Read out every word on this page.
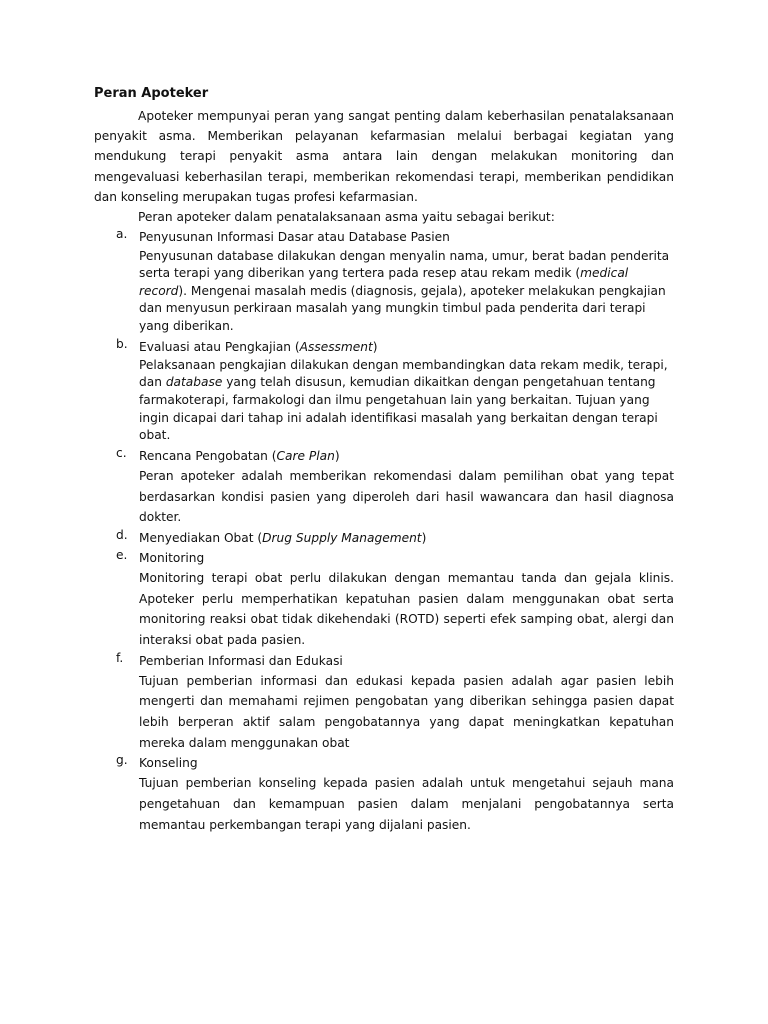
Peran Apoteker

Apoteker mempunyai peran yang sangat penting dalam keberhasilan penatalaksanaan penyakit asma. Memberikan pelayanan kefarmasian melalui berbagai kegiatan yang mendukung terapi penyakit asma antara lain dengan melakukan monitoring dan mengevaluasi keberhasilan terapi, memberikan rekomendasi terapi, memberikan pendidikan dan konseling merupakan tugas profesi kefarmasian.

Peran apoteker dalam penatalaksanaan asma yaitu sebagai berikut:

a. Penyusunan Informasi Dasar atau Database Pasien

Penyusunan database dilakukan dengan menyalin nama, umur, berat badan penderita serta terapi yang diberikan yang tertera pada resep atau rekam medik (medical record). Mengenai masalah medis (diagnosis, gejala), apoteker melakukan pengkajian dan menyusun perkiraan masalah yang mungkin timbul pada penderita dari terapi yang diberikan.

b. Evaluasi atau Pengkajian (Assessment)

Pelaksanaan pengkajian dilakukan dengan membandingkan data rekam medik, terapi, dan database yang telah disusun, kemudian dikaitkan dengan pengetahuan tentang farmakoterapi, farmakologi dan ilmu pengetahuan lain yang berkaitan. Tujuan yang ingin dicapai dari tahap ini adalah identifikasi masalah yang berkaitan dengan terapi obat.

c. Rencana Pengobatan (Care Plan)

Peran apoteker adalah memberikan rekomendasi dalam pemilihan obat yang tepat berdasarkan kondisi pasien yang diperoleh dari hasil wawancara dan hasil diagnosa dokter.

d. Menyediakan Obat (Drug Supply Management)

e. Monitoring

Monitoring terapi obat perlu dilakukan dengan memantau tanda dan gejala klinis. Apoteker perlu memperhatikan kepatuhan pasien dalam menggunakan obat serta monitoring reaksi obat tidak dikehendaki (ROTD) seperti efek samping obat, alergi dan interaksi obat pada pasien.

f. Pemberian Informasi dan Edukasi

Tujuan pemberian informasi dan edukasi kepada pasien adalah agar pasien lebih mengerti dan memahami rejimen pengobatan yang diberikan sehingga pasien dapat lebih berperan aktif salam pengobatannya yang dapat meningkatkan kepatuhan mereka dalam menggunakan obat

g. Konseling

Tujuan pemberian konseling kepada pasien adalah untuk mengetahui sejauh mana pengetahuan dan kemampuan pasien dalam menjalani pengobatannya serta memantau perkembangan terapi yang dijalani pasien.
